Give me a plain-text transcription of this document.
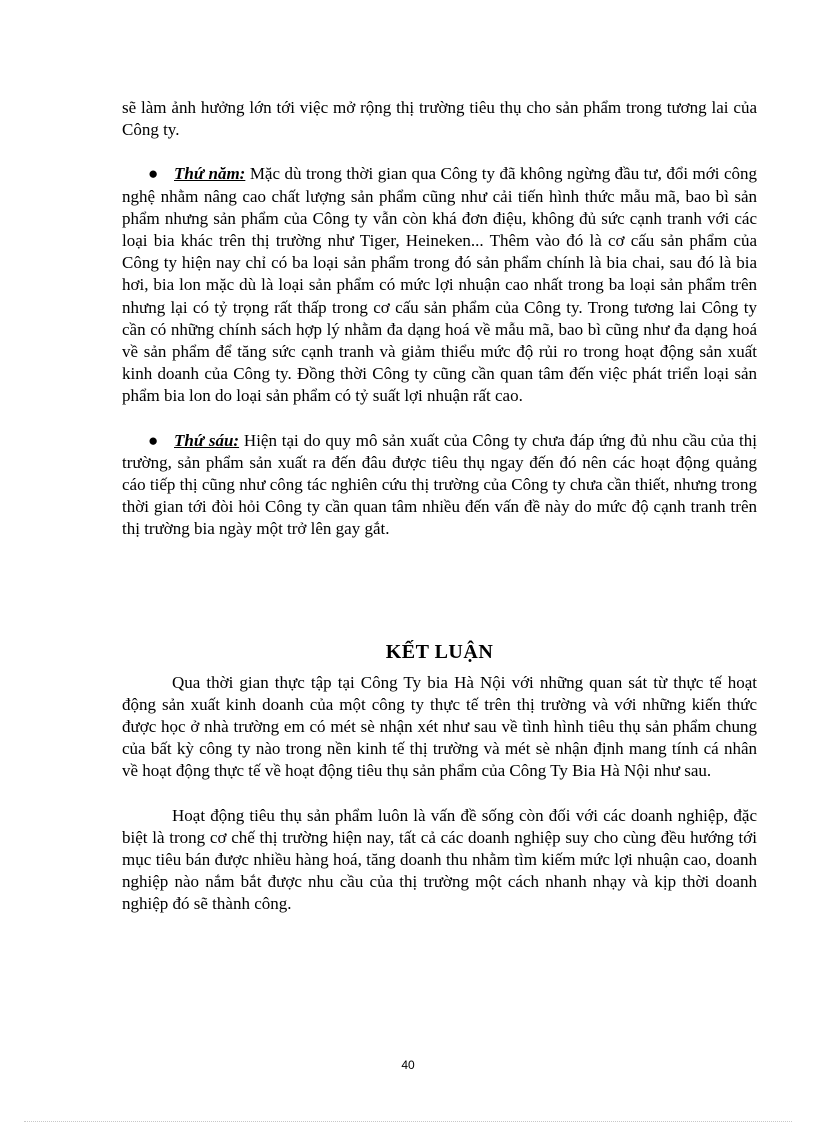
sẽ làm ảnh hưởng lớn tới việc mở rộng thị trường tiêu thụ cho sản phẩm trong tương lai của Công ty.

● Thứ năm: Mặc dù trong thời gian qua Công ty đã không ngừng đầu tư, đổi mới công nghệ nhằm nâng cao chất lượng sản phẩm cũng như cải tiến hình thức mẫu mã, bao bì sản phẩm nhưng sản phẩm của Công ty vẫn còn khá đơn điệu, không đủ sức cạnh tranh với các loại bia khác trên thị trường như Tiger, Heineken... Thêm vào đó là cơ cấu sản phẩm của Công ty hiện nay chỉ có ba loại sản phẩm trong đó sản phẩm chính là bia chai, sau đó là bia hơi, bia lon mặc dù là loại sản phẩm có mức lợi nhuận cao nhất trong ba loại sản phẩm trên nhưng lại có tỷ trọng rất thấp trong cơ cấu sản phẩm của Công ty. Trong tương lai Công ty cần có những chính sách hợp lý nhằm đa dạng hoá về mẫu mã, bao bì cũng như đa dạng hoá về sản phẩm để tăng sức cạnh tranh và giảm thiểu mức độ rủi ro trong hoạt động sản xuất kinh doanh của Công ty. Đồng thời Công ty cũng cần quan tâm đến việc phát triển loại sản phẩm bia lon do loại sản phẩm có tỷ suất lợi nhuận rất cao.

● Thứ sáu: Hiện tại do quy mô sản xuất của Công ty chưa đáp ứng đủ nhu cầu của thị trường, sản phẩm sản xuất ra đến đâu được tiêu thụ ngay đến đó nên các hoạt động quảng cáo tiếp thị cũng như công tác nghiên cứu thị trường của Công ty chưa cần thiết, nhưng trong thời gian tới đòi hỏi Công ty cần quan tâm nhiều đến vấn đề này do mức độ cạnh tranh trên thị trường bia ngày một trở lên gay gắt.

KẾT LUẬN

Qua thời gian thực tập tại Công Ty bia Hà Nội với những quan sát từ thực tế hoạt động sản xuất kinh doanh của một công ty thực tế trên thị trường và với những kiến thức được học ở nhà trường em có mét sè nhận xét như sau về tình hình tiêu thụ sản phẩm chung của bất kỳ công ty nào trong nền kinh tế thị trường và mét sè nhận định mang tính cá nhân về hoạt động thực tế về hoạt động tiêu thụ sản phẩm của Công Ty Bia Hà Nội như sau.

Hoạt động tiêu thụ sản phẩm luôn là vấn đề sống còn đối với các doanh nghiệp, đặc biệt là trong cơ chế thị trường hiện nay, tất cả các doanh nghiệp suy cho cùng đều hướng tới mục tiêu bán được nhiều hàng hoá, tăng doanh thu nhằm tìm kiếm mức lợi nhuận cao, doanh nghiệp nào nắm bắt được nhu cầu của thị trường một cách nhanh nhạy và kịp thời doanh nghiệp đó sẽ thành công.

40
